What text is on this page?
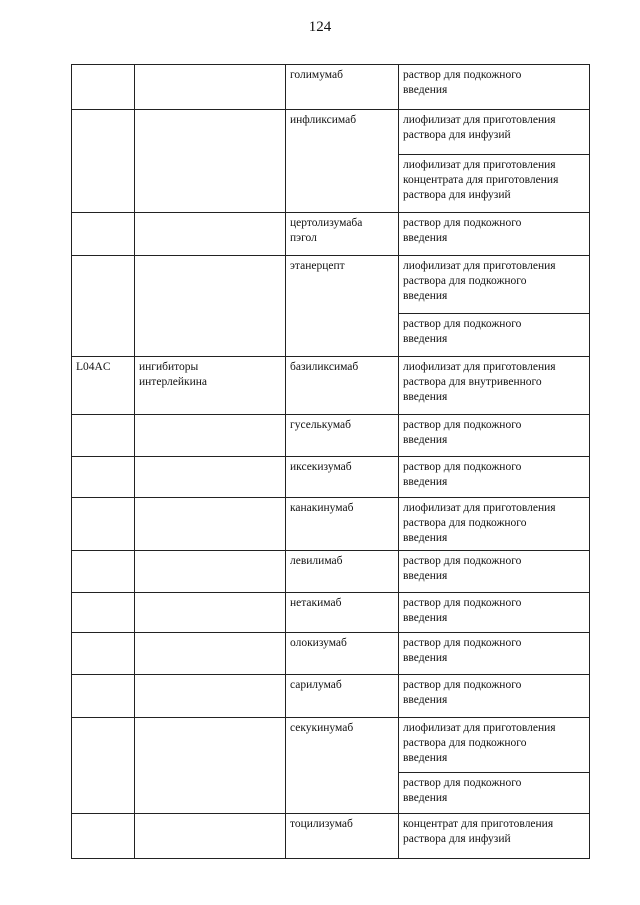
124
		голимумаб	раствор для подкожного
введения
		инфликсимаб	лиофилизат для приготовления
раствора для инфузий
			лиофилизат для приготовления
концентрата для приготовления
раствора для инфузий
		цертолизумаба
пэгол	раствор для подкожного
введения
		этанерцепт	лиофилизат для приготовления
раствора для подкожного
введения
			раствор для подкожного
введения
L04AC	ингибиторы
интерлейкина	базиликсимаб	лиофилизат для приготовления
раствора для внутривенного
введения
		гуселькумаб	раствор для подкожного
введения
		иксекизумаб	раствор для подкожного
введения
		канакинумаб	лиофилизат для приготовления
раствора для подкожного
введения
		левилимаб	раствор для подкожного
введения
		нетакимаб	раствор для подкожного
введения
		олокизумаб	раствор для подкожного
введения
		сарилумаб	раствор для подкожного
введения
		секукинумаб	лиофилизат для приготовления
раствора для подкожного
введения
			раствор для подкожного
введения
		тоцилизумаб	концентрат для приготовления
раствора для инфузий
